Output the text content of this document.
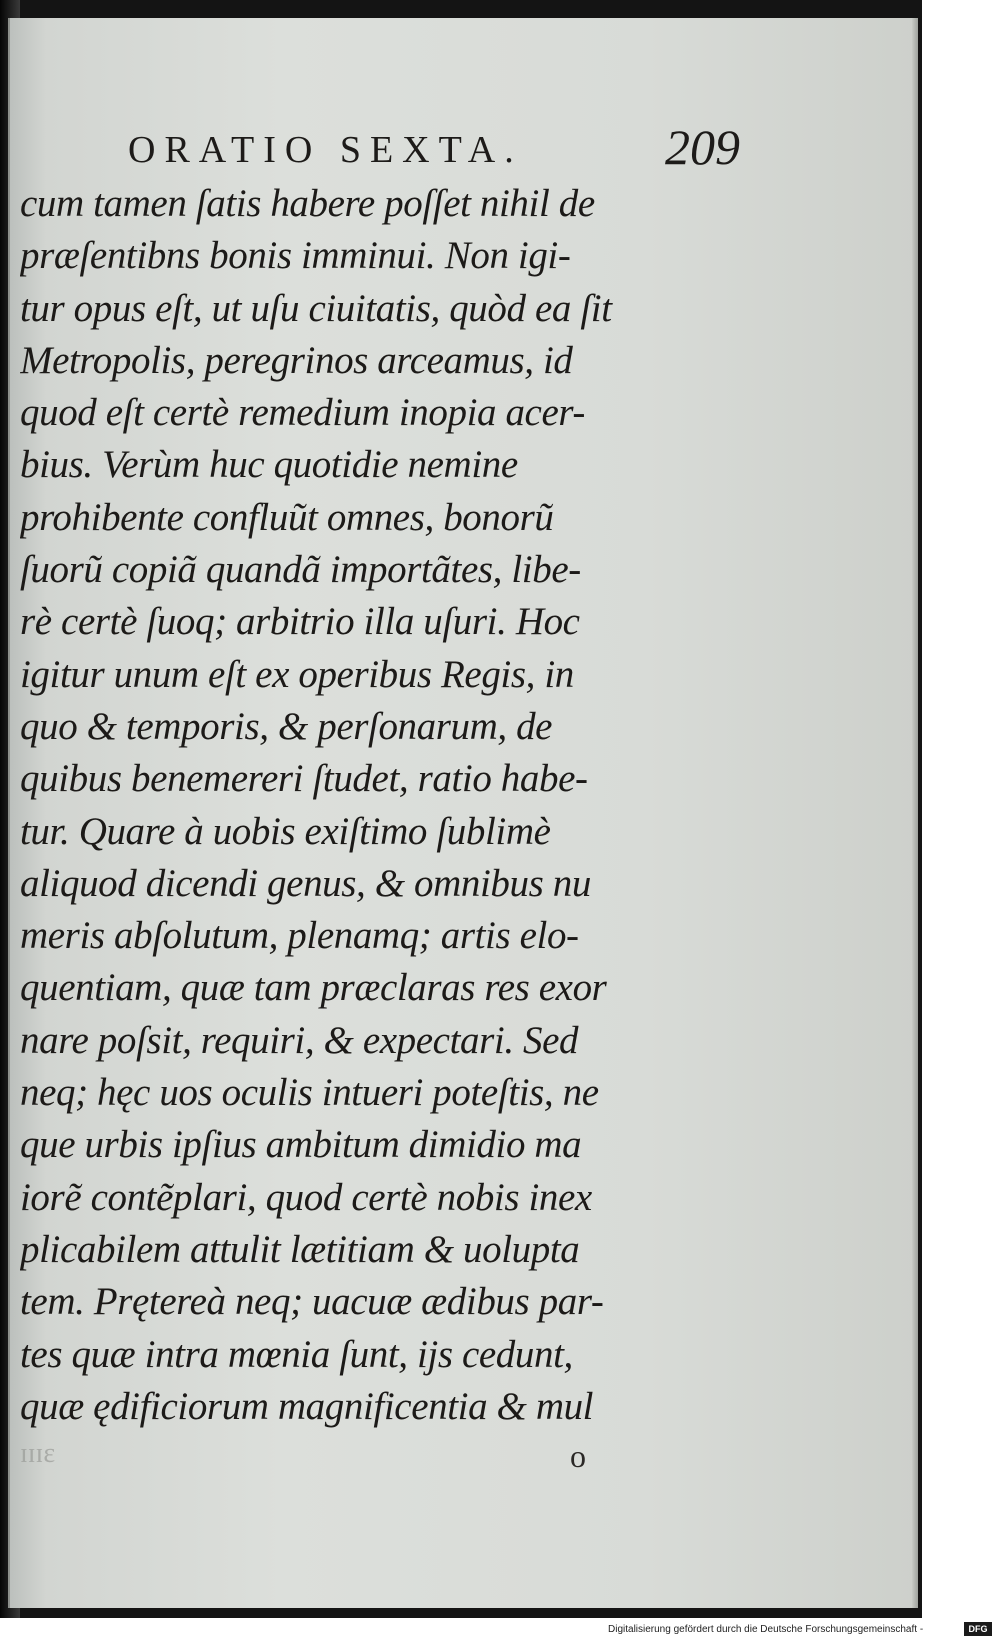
ORATIO SEXTA.	209
cum tamen ſatis habere poſſet nihil de
præſentibns bonis imminui. Non igi-
tur opus eſt, ut uſu ciuitatis, quòd ea ſit
Metropolis, peregrinos arceamus, id
quod eſt certè remedium inopia acer-
bius. Verùm huc quotidie nemine
prohibente confluũt omnes, bonorũ
ſuorũ copiã quandã importãtes, libe-
rè certè ſuoq; arbitrio illa uſuri. Hoc
igitur unum eſt ex operibus Regis, in
quo & temporis, & perſonarum, de
quibus benemereri ſtudet, ratio habe-
tur. Quare à uobis exiſtimo ſublimè
aliquod dicendi genus, & omnibus nu
meris abſolutum, plenamq; artis elo-
quentiam, quæ tam præclaras res exor
nare poſsit, requiri, & expectari. Sed
neq; hęc uos oculis intueri poteſtis, ne
que urbis ipſius ambitum dimidio ma
iorẽ contẽplari, quod certè nobis inex
plicabilem attulit lætitiam & uolupta
tem. Prętereà neq; uacuæ ædibus par-
tes quæ intra mœnia ſunt, ijs cedunt,
quæ ędificiorum magnificentia & mul
ɪɪɪɛ	o
Digitalisierung gefördert durch die Deutsche Forschungsgemeinschaft -	DFG
